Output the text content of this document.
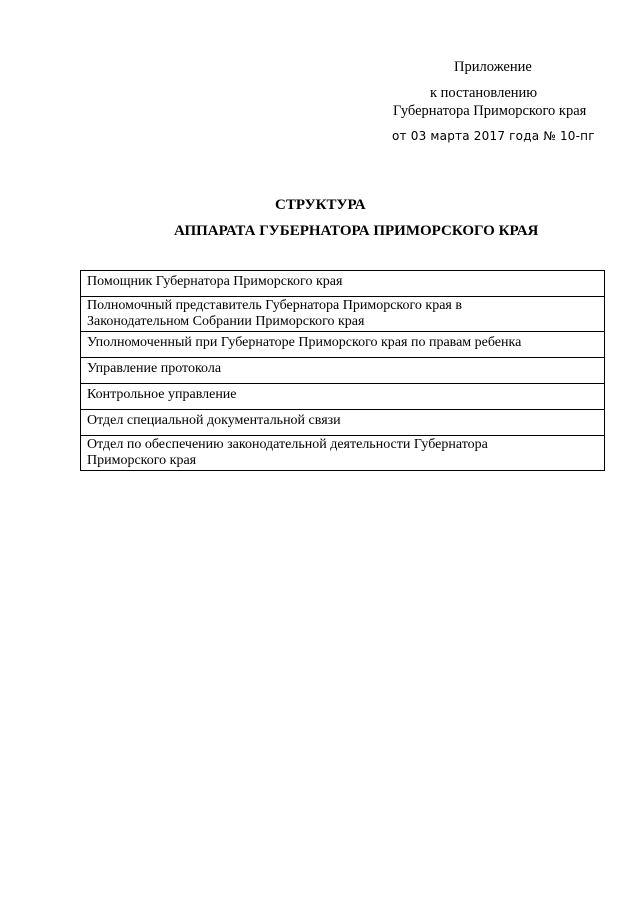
Приложение
к постановлению
Губернатора Приморского края
от 03 марта 2017 года № 10-пг
СТРУКТУРА
АППАРАТА ГУБЕРНАТОРА ПРИМОРСКОГО КРАЯ
Помощник Губернатора Приморского края
Полномочный представитель Губернатора Приморского края в
Законодательном Собрании Приморского края
Уполномоченный при Губернаторе Приморского края по правам ребенка
Управление протокола
Контрольное управление
Отдел специальной документальной связи
Отдел по обеспечению законодательной деятельности Губернатора
Приморского края
